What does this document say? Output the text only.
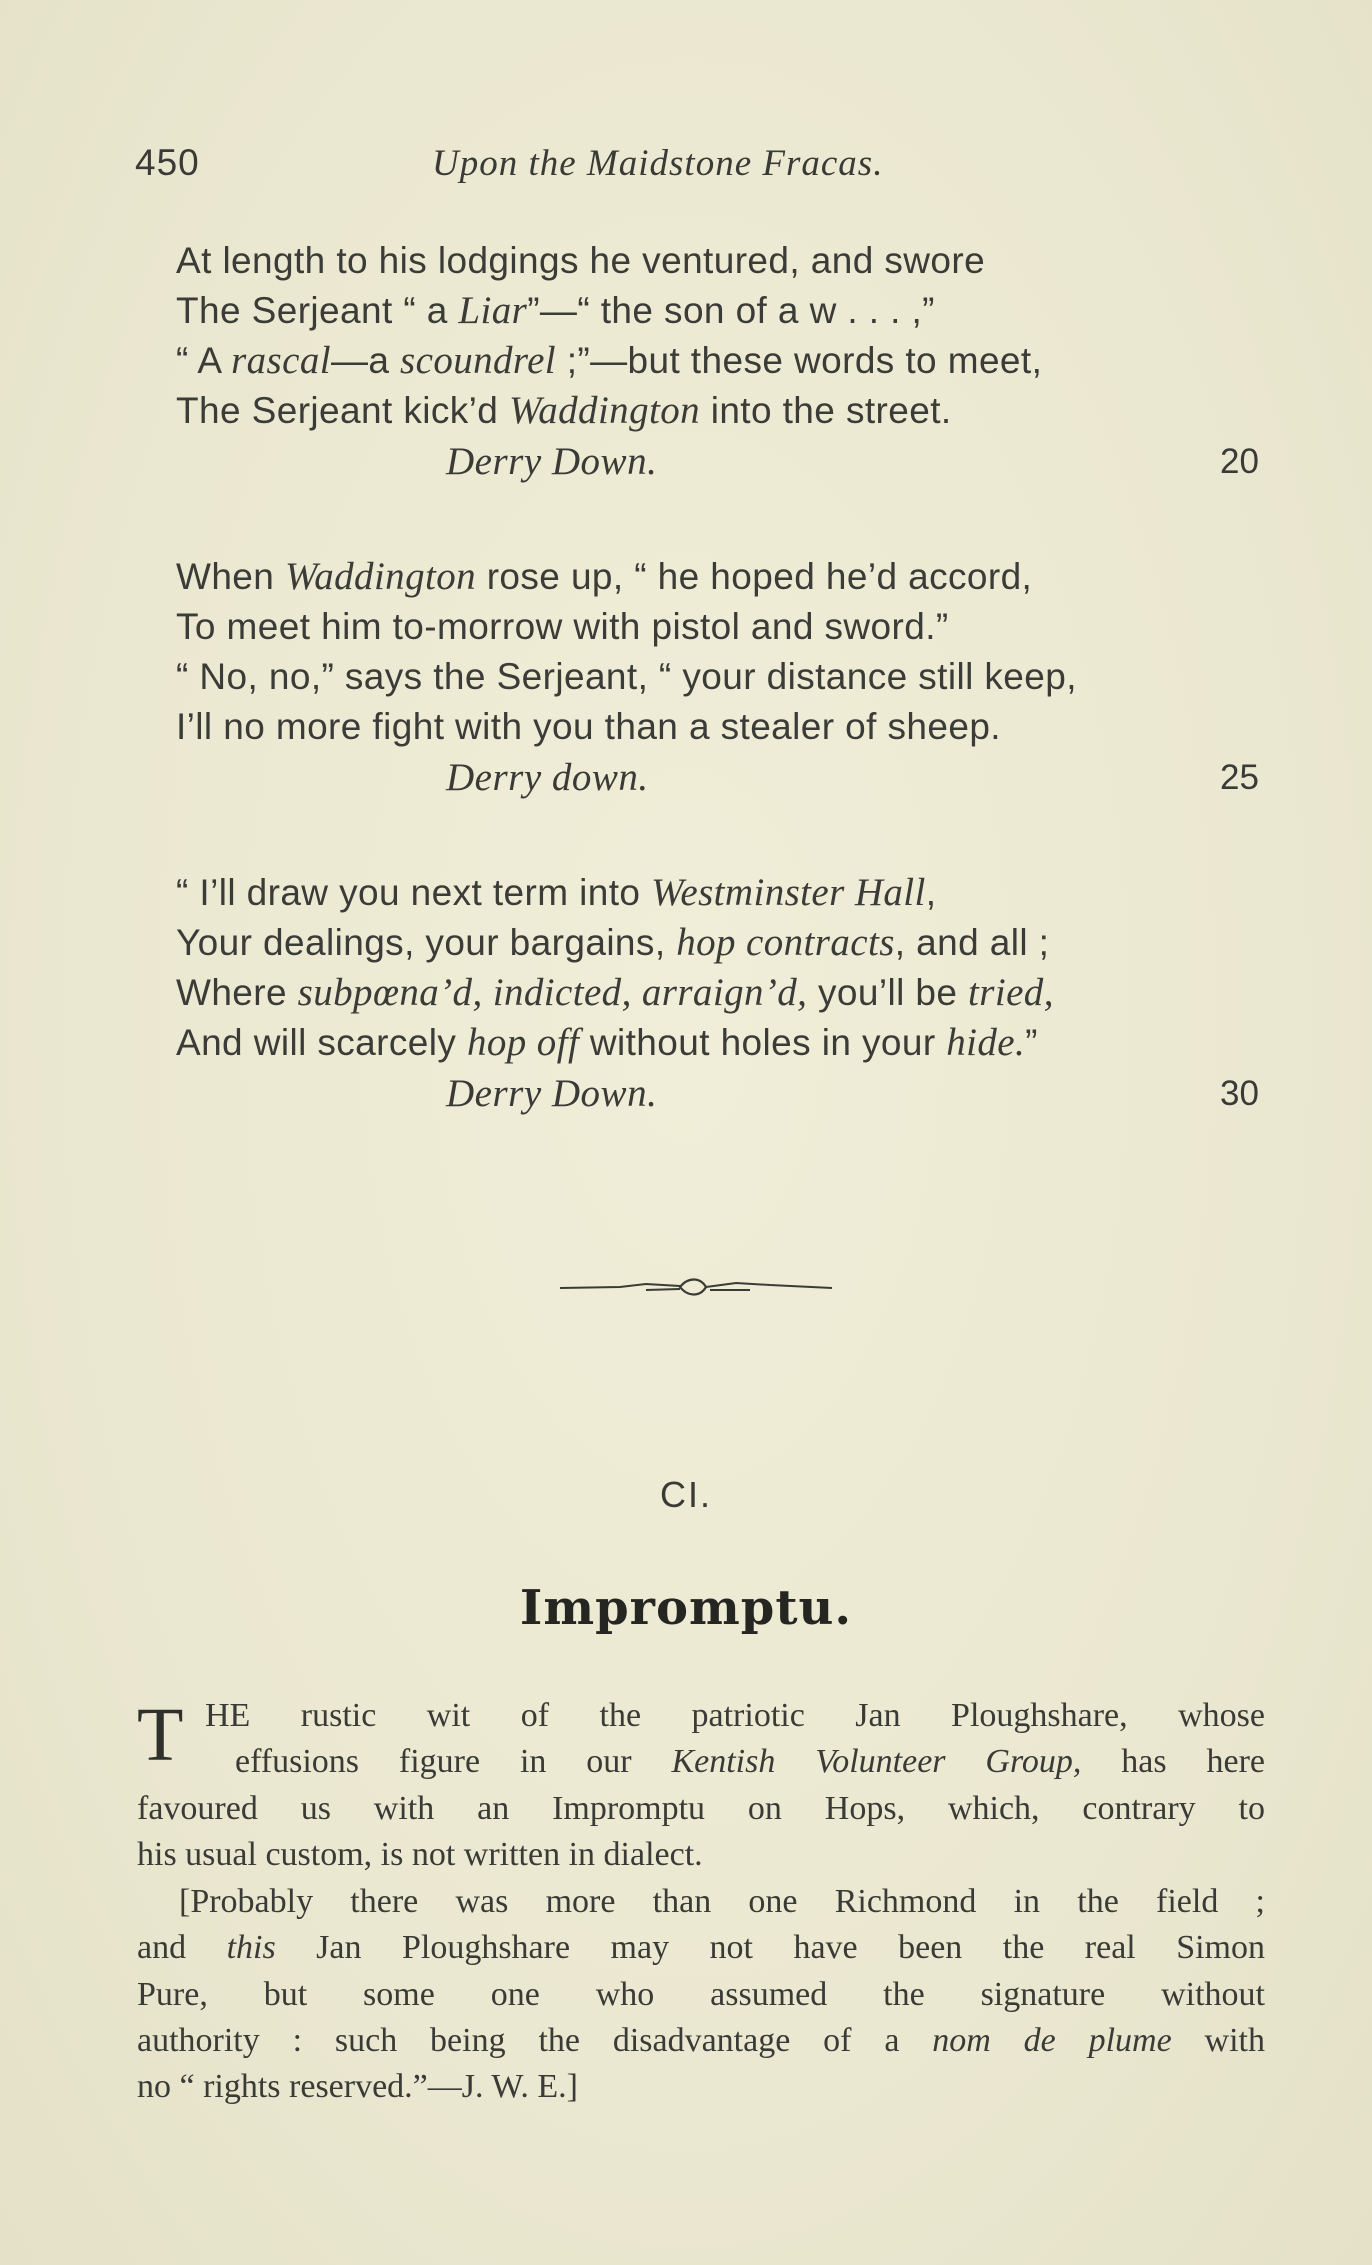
450	Upon the Maidstone Fracas.
At length to his lodgings he ventured, and swore
The Serjeant “ a Liar”—“ the son of a w . . . ,”
“ A rascal—a scoundrel ;”—but these words to meet,
The Serjeant kick’d Waddington into the street.
Derry Down.	20
When Waddington rose up, “ he hoped he’d accord,
To meet him to-morrow with pistol and sword.”
“ No, no,” says the Serjeant, “ your distance still keep,
I’ll no more fight with you than a stealer of sheep.
Derry down.	25
“ I’ll draw you next term into Westminster Hall,
Your dealings, your bargains, hop contracts, and all ;
Where subpœna’d, indicted, arraign’d, you’ll be tried,
And will scarcely hop off without holes in your hide.”
Derry Down.	30
CI.
Impromptu.
T HE rustic wit of the patriotic Jan Ploughshare, whose
effusions figure in our Kentish Volunteer Group, has here
favoured us with an Impromptu on Hops, which, contrary to
his usual custom, is not written in dialect.
[Probably there was more than one Richmond in the field ;
and this Jan Ploughshare may not have been the real Simon
Pure, but some one who assumed the signature without
authority : such being the disadvantage of a nom de plume with
no “ rights reserved.”—J. W. E.]
